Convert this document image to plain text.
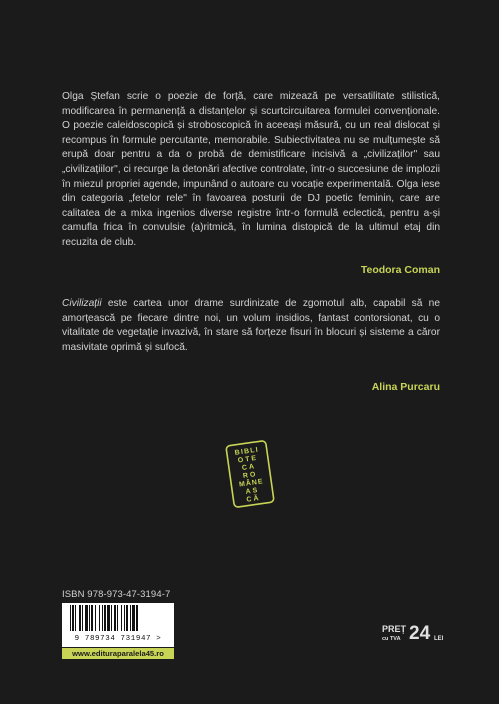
Olga Ștefan scrie o poezie de forță, care mizează pe versatilitate stilistică, modificarea în permanență a distanțelor și scurtcircuitarea formulei convenționale. O poezie caleidoscopică și stroboscopică în aceeași măsură, cu un real dislocat și recompus în formule percutante, memorabile. Subiectivitatea nu se mulțumește să erupă doar pentru a da o probă de demistificare incisivă a „civilizaților" sau „civilizațiilor", ci recurge la detonări afective controlate, într-o succesiune de implozii în miezul propriei agende, impunând o autoare cu vocație experimentală. Olga iese din categoria „fetelor rele" în favoarea posturii de DJ poetic feminin, care are calitatea de a mixa ingenios diverse registre într-o formulă eclectică, pentru a-și camufla frica în convulsie (a)ritmică, în lumina distopică de la ultimul etaj din recuzita de club.
Teodora Coman
Civilizații este cartea unor drame surdinizate de zgomotul alb, capabil să ne amorțească pe fiecare dintre noi, un volum insidios, fantast contorsionat, cu o vitalitate de vegetație invazivă, în stare să forțeze fisuri în blocuri și sisteme a căror masivitate oprimă și sufocă.
Alina Purcaru
BIBLI
OTE
CA
RO
MÂNE
AS
CĂ
ISBN 978-973-47-3194-7
9 789734 731947 >
www.edituraparalela45.ro
PREȚ
cu TVA 24 LEI
